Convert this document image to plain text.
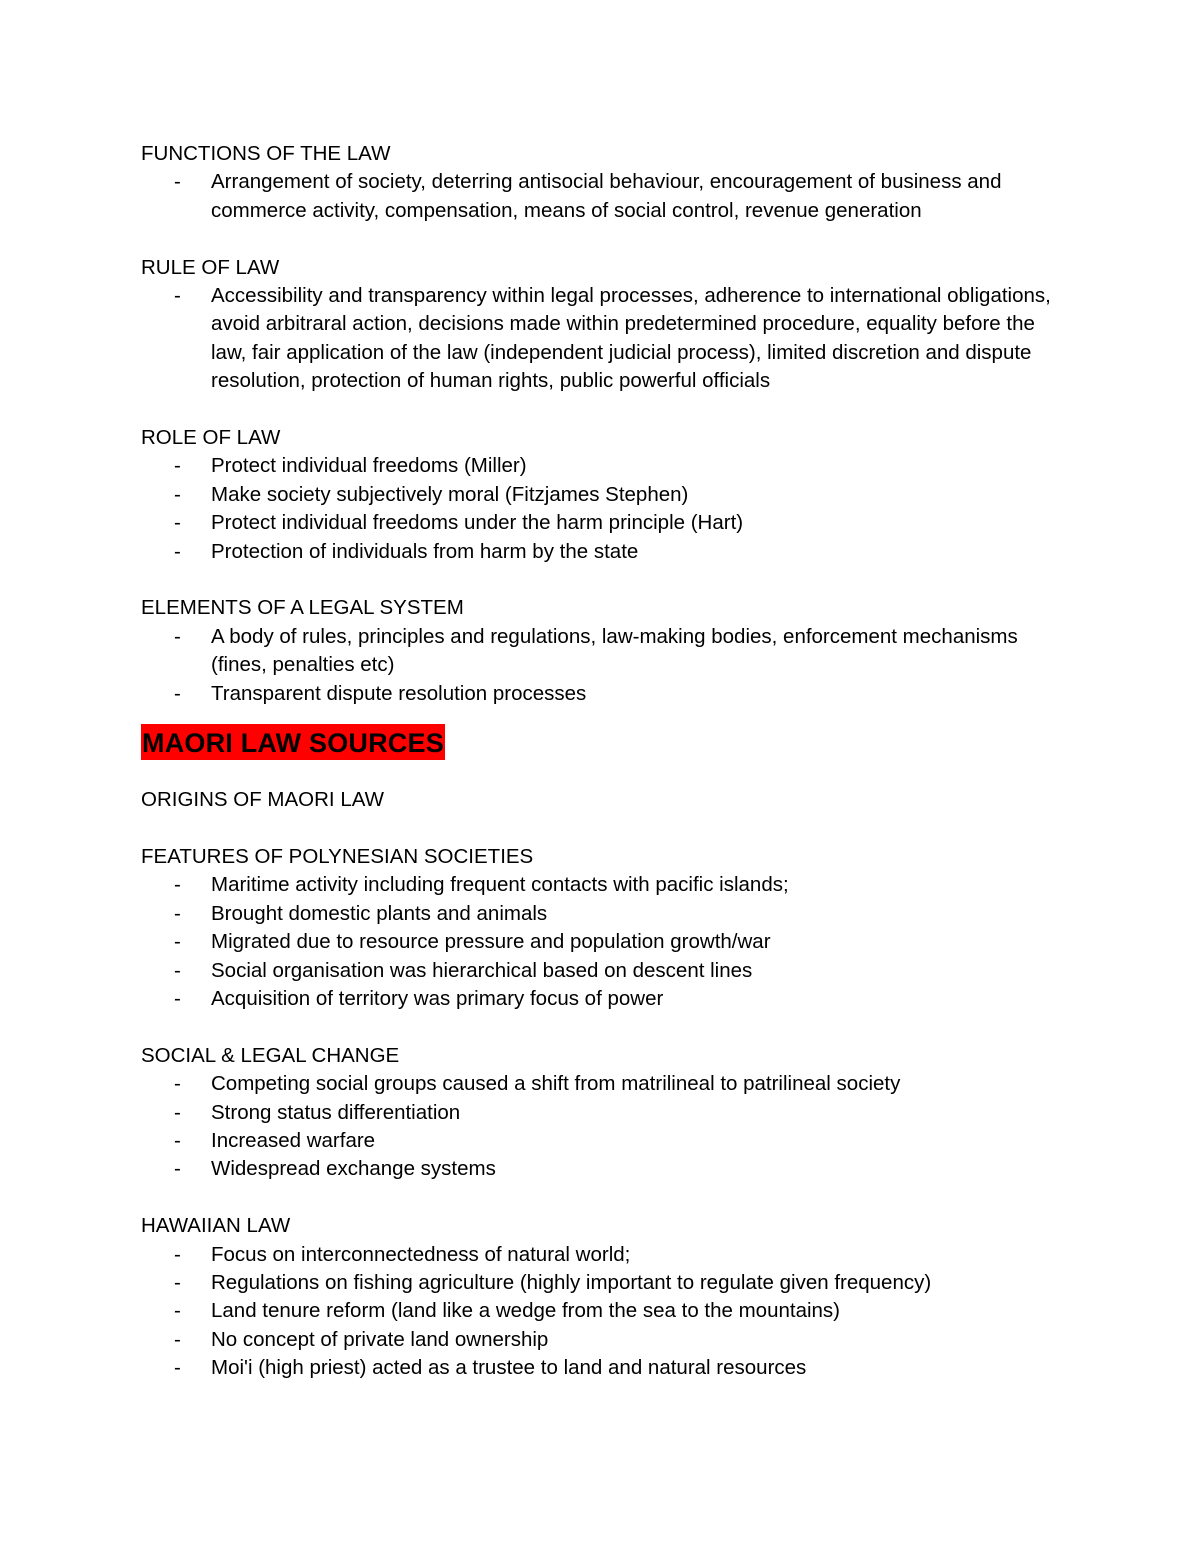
FUNCTIONS OF THE LAW

- Arrangement of society, deterring antisocial behaviour, encouragement of business and commerce activity, compensation, means of social control, revenue generation

RULE OF LAW

- Accessibility and transparency within legal processes, adherence to international obligations, avoid arbitraral action, decisions made within predetermined procedure, equality before the law, fair application of the law (independent judicial process), limited discretion and dispute resolution, protection of human rights, public powerful officials

ROLE OF LAW

- Protect individual freedoms (Miller)
- Make society subjectively moral (Fitzjames Stephen)
- Protect individual freedoms under the harm principle (Hart)
- Protection of individuals from harm by the state

ELEMENTS OF A LEGAL SYSTEM

- A body of rules, principles and regulations, law-making bodies, enforcement mechanisms (fines, penalties etc)
- Transparent dispute resolution processes
MAORI LAW SOURCES

ORIGINS OF MAORI LAW

FEATURES OF POLYNESIAN SOCIETIES

- Maritime activity including frequent contacts with pacific islands;
- Brought domestic plants and animals
- Migrated due to resource pressure and population growth/war
- Social organisation was hierarchical based on descent lines
- Acquisition of territory was primary focus of power

SOCIAL & LEGAL CHANGE

- Competing social groups caused a shift from matrilineal to patrilineal society
- Strong status differentiation
- Increased warfare
- Widespread exchange systems

HAWAIIAN LAW

- Focus on interconnectedness of natural world;
- Regulations on fishing agriculture (highly important to regulate given frequency)
- Land tenure reform (land like a wedge from the sea to the mountains)
- No concept of private land ownership
- Moi'i (high priest) acted as a trustee to land and natural resources
